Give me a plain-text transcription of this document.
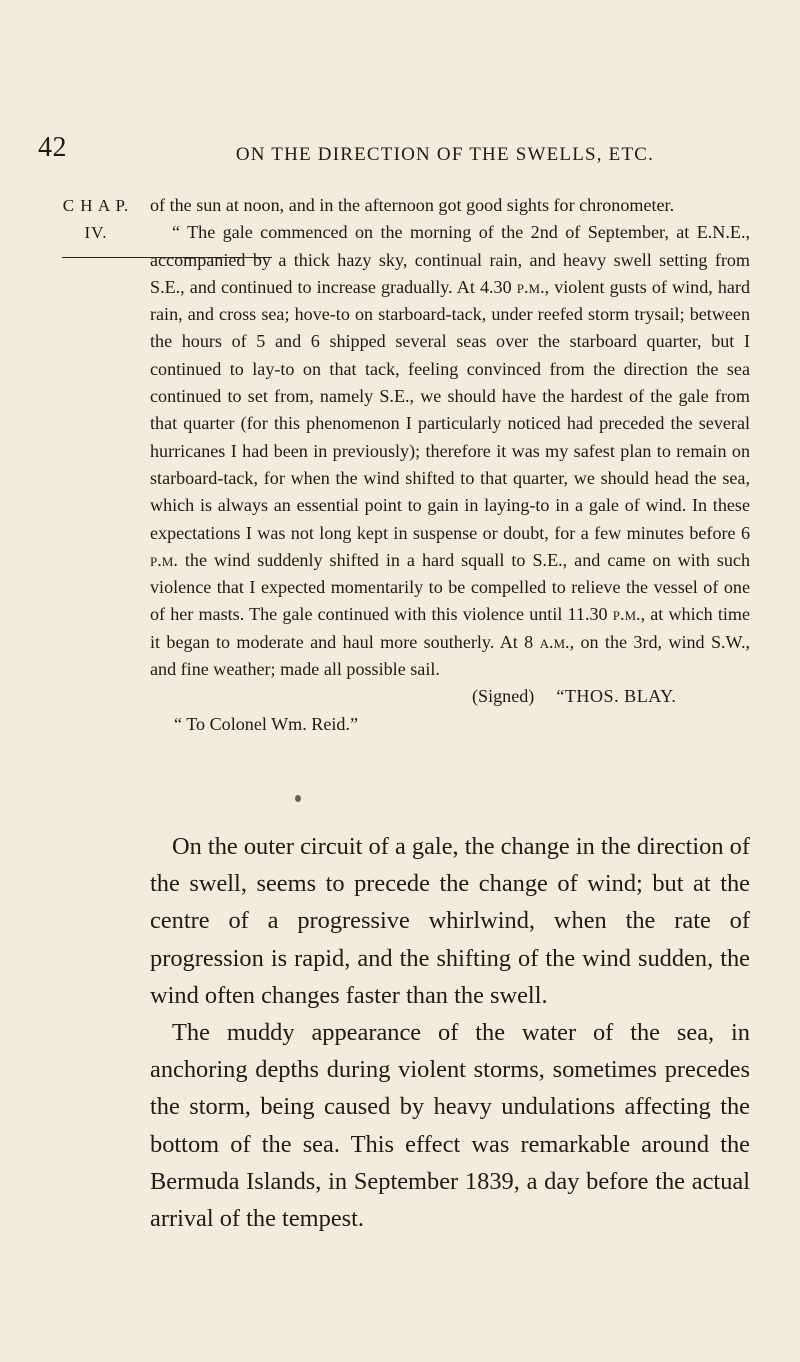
42	ON THE DIRECTION OF THE SWELLS, ETC.
C H A P.
IV.

of the sun at noon, and in the afternoon got good sights for chronometer.

“ The gale commenced on the morning of the 2nd of September, at E.N.E., accompanied by a thick hazy sky, continual rain, and heavy swell setting from S.E., and continued to increase gradually. At 4.30 p.m., violent gusts of wind, hard rain, and cross sea; hove-to on starboard-tack, under reefed storm trysail; between the hours of 5 and 6 shipped several seas over the starboard quarter, but I continued to lay-to on that tack, feeling convinced from the direction the sea continued to set from, namely S.E., we should have the hardest of the gale from that quarter (for this phenomenon I particularly noticed had preceded the several hurricanes I had been in previously); therefore it was my safest plan to remain on starboard-tack, for when the wind shifted to that quarter, we should head the sea, which is always an essential point to gain in laying-to in a gale of wind. In these expectations I was not long kept in suspense or doubt, for a few minutes before 6 p.m. the wind suddenly shifted in a hard squall to S.E., and came on with such violence that I expected momentarily to be compelled to relieve the vessel of one of her masts. The gale continued with this violence until 11.30 p.m., at which time it began to moderate and haul more southerly. At 8 a.m., on the 3rd, wind S.W., and fine weather; made all possible sail.

(Signed) “THOS. BLAY.

“ To Colonel Wm. Reid.”

On the outer circuit of a gale, the change in the direction of the swell, seems to precede the change of wind; but at the centre of a progressive whirlwind, when the rate of progression is rapid, and the shifting of the wind sudden, the wind often changes faster than the swell.

The muddy appearance of the water of the sea, in anchoring depths during violent storms, sometimes precedes the storm, being caused by heavy undulations affecting the bottom of the sea. This effect was remarkable around the Bermuda Islands, in September 1839, a day before the actual arrival of the tempest.
